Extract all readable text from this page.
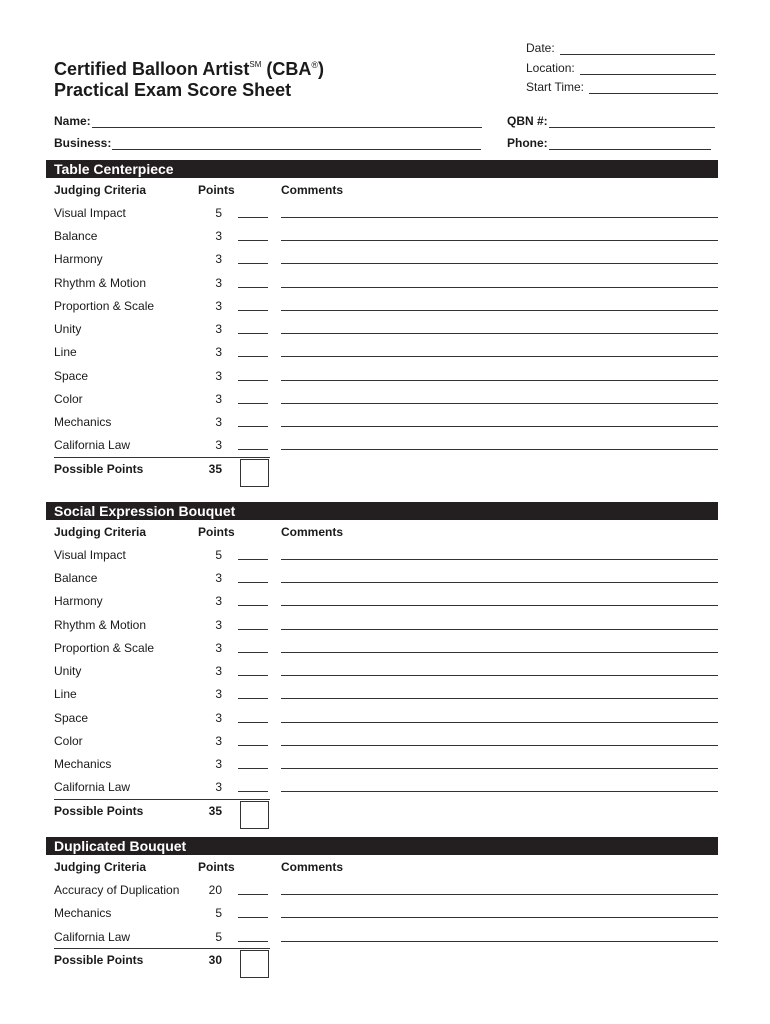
Certified Balloon Artist℠ (CBA®)
Practical Exam Score Sheet
Date:
Location:
Start Time:
Name:
Business:
QBN #:
Phone:
Table Centerpiece
Judging Criteria	Points	Comments
Visual Impact	5
Balance	3
Harmony	3
Rhythm & Motion	3
Proportion & Scale	3
Unity	3
Line	3
Space	3
Color	3
Mechanics	3
California Law	3
Possible Points	35
Social Expression Bouquet
Judging Criteria	Points	Comments
Visual Impact	5
Balance	3
Harmony	3
Rhythm & Motion	3
Proportion & Scale	3
Unity	3
Line	3
Space	3
Color	3
Mechanics	3
California Law	3
Possible Points	35
Duplicated Bouquet
Judging Criteria	Points	Comments
Accuracy of Duplication	20
Mechanics	5
California Law	5
Possible Points	30
